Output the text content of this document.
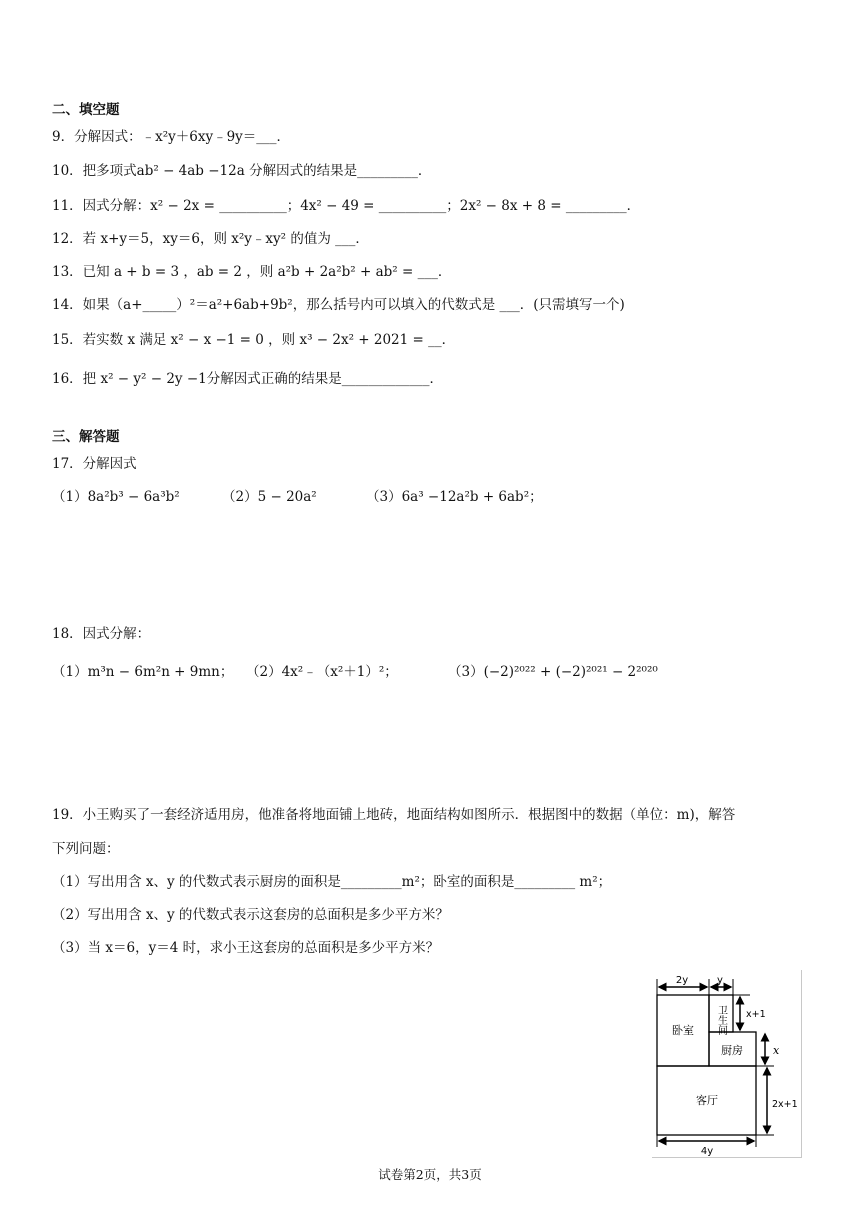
二、填空题
9．分解因式：﹣x²y＋6xy﹣9y＝___．
10．把多项式ab² − 4ab −12a 分解因式的结果是_________．
11．因式分解：x² − 2x = __________；4x² − 49 = __________；2x² − 8x + 8 = _________．
12．若 x+y＝5，xy＝6，则 x²y﹣xy² 的值为 ___．
13．已知 a + b = 3 ，ab = 2 ，则 a²b + 2a²b² + ab² = ___．
14．如果（a+_____）²＝a²+6ab+9b²，那么括号内可以填入的代数式是 ___．(只需填写一个)
15．若实数 x 满足 x² − x −1 = 0 ，则 x³ − 2x² + 2021 = __．
16．把 x² − y² − 2y −1分解因式正确的结果是_____________．
三、解答题
17．分解因式
（1）8a²b³ − 6a³b²	（2）5 − 20a²	（3）6a³ −12a²b + 6ab²；
18．因式分解：
（1）m³n − 6m²n + 9mn； （2）4x²﹣（x²＋1）²；	（3）(−2)²⁰²² + (−2)²⁰²¹ − 2²⁰²⁰
19．小王购买了一套经济适用房，他准备将地面铺上地砖，地面结构如图所示．根据图中的数据（单位：m)，解答
下列问题：
（1）写出用含 x、y 的代数式表示厨房的面积是_________m²；卧室的面积是_________ m²；
（2）写出用含 x、y 的代数式表示这套房的总面积是多少平方米？
（3）当 x＝6，y＝4 时，求小王这套房的总面积是多少平方米？
卧室
厨房
客厅
卫生间
2y	y
x+1
x
2x+1
4y
试卷第2页，共3页
